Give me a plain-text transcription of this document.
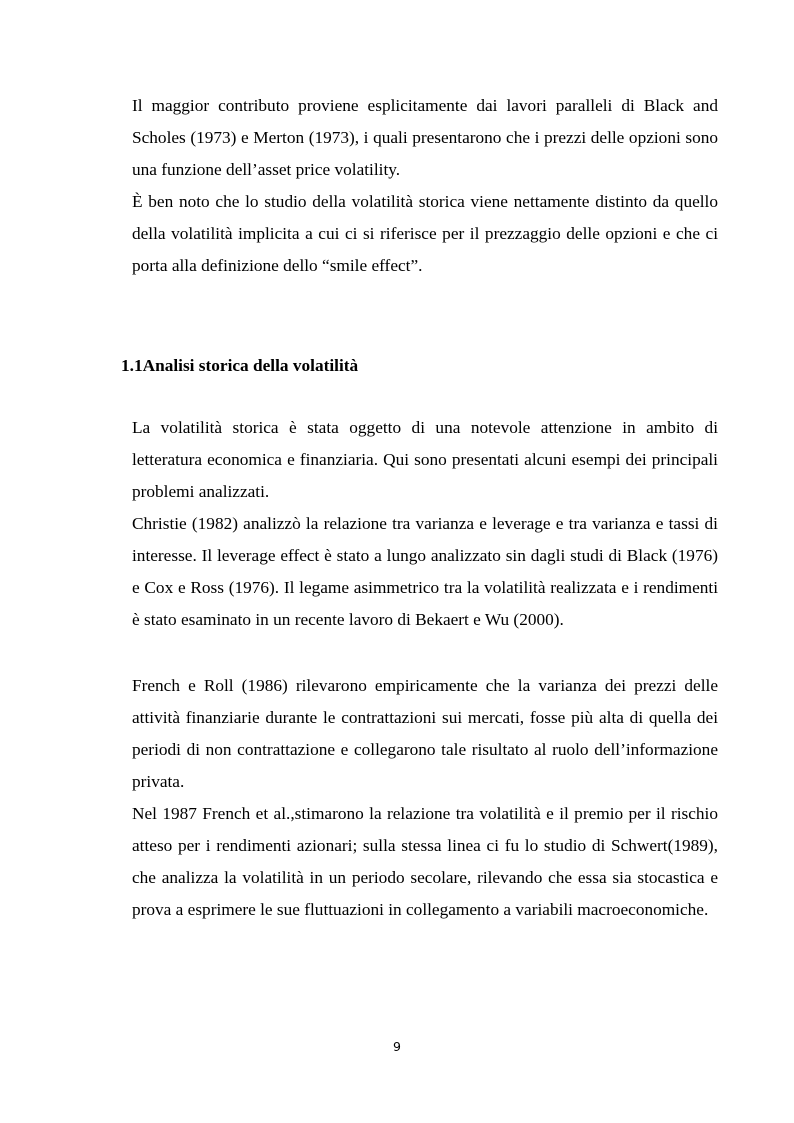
Il maggior contributo proviene esplicitamente dai lavori paralleli di Black and Scholes (1973) e Merton (1973), i quali presentarono che i prezzi delle opzioni sono una funzione dell’asset price volatility.

È ben noto che lo studio della volatilità storica viene nettamente distinto da quello della volatilità implicita a cui ci si riferisce per il prezzaggio delle opzioni e che ci porta alla definizione dello “smile effect”.

1.1Analisi storica della volatilità

La volatilità storica è stata oggetto di una notevole attenzione in ambito di letteratura economica e finanziaria. Qui sono presentati alcuni esempi dei principali problemi analizzati.

Christie (1982) analizzò la relazione tra varianza e leverage e tra varianza e tassi di interesse. Il leverage effect è stato a lungo analizzato sin dagli studi di Black (1976) e Cox e Ross (1976). Il legame asimmetrico tra la volatilità realizzata e i rendimenti è stato esaminato in un recente lavoro di Bekaert e Wu (2000).

French e Roll (1986) rilevarono empiricamente che la varianza dei prezzi delle attività finanziarie durante le contrattazioni sui mercati, fosse più alta di quella dei periodi di non contrattazione e collegarono tale risultato al ruolo dell’informazione privata.

Nel 1987 French et al.,stimarono la relazione tra volatilità e il premio per il rischio atteso per i rendimenti azionari; sulla stessa linea ci fu lo studio di Schwert(1989), che analizza la volatilità in un periodo secolare, rilevando che essa sia stocastica e prova a esprimere le sue fluttuazioni in collegamento a variabili macroeconomiche.

9
